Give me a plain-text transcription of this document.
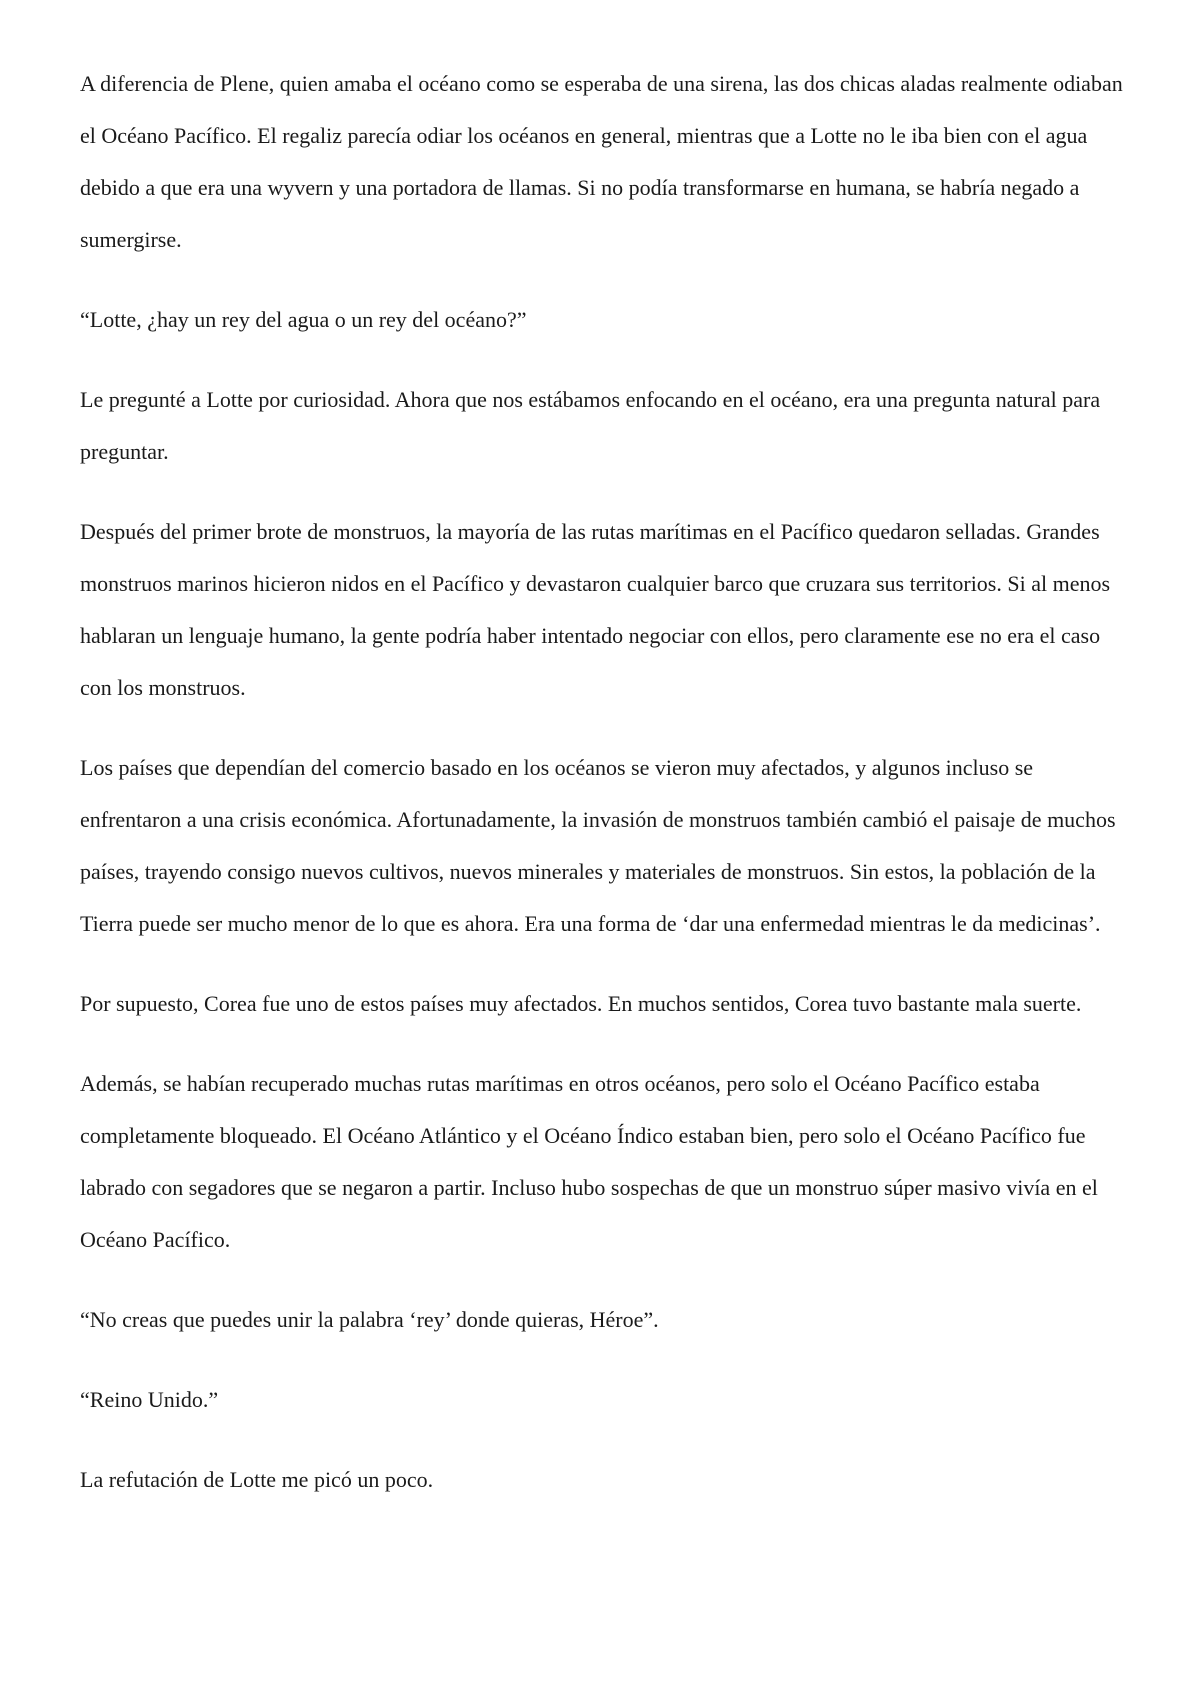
A diferencia de Plene, quien amaba el océano como se esperaba de una sirena, las dos chicas aladas realmente odiaban el Océano Pacífico. El regaliz parecía odiar los océanos en general, mientras que a Lotte no le iba bien con el agua debido a que era una wyvern y una portadora de llamas. Si no podía transformarse en humana, se habría negado a sumergirse.

“Lotte, ¿hay un rey del agua o un rey del océano?”

Le pregunté a Lotte por curiosidad. Ahora que nos estábamos enfocando en el océano, era una pregunta natural para preguntar.

Después del primer brote de monstruos, la mayoría de las rutas marítimas en el Pacífico quedaron selladas. Grandes monstruos marinos hicieron nidos en el Pacífico y devastaron cualquier barco que cruzara sus territorios. Si al menos hablaran un lenguaje humano, la gente podría haber intentado negociar con ellos, pero claramente ese no era el caso con los monstruos.

Los países que dependían del comercio basado en los océanos se vieron muy afectados, y algunos incluso se enfrentaron a una crisis económica. Afortunadamente, la invasión de monstruos también cambió el paisaje de muchos países, trayendo consigo nuevos cultivos, nuevos minerales y materiales de monstruos. Sin estos, la población de la Tierra puede ser mucho menor de lo que es ahora. Era una forma de ‘dar una enfermedad mientras le da medicinas’.

Por supuesto, Corea fue uno de estos países muy afectados. En muchos sentidos, Corea tuvo bastante mala suerte.

Además, se habían recuperado muchas rutas marítimas en otros océanos, pero solo el Océano Pacífico estaba completamente bloqueado. El Océano Atlántico y el Océano Índico estaban bien, pero solo el Océano Pacífico fue labrado con segadores que se negaron a partir. Incluso hubo sospechas de que un monstruo súper masivo vivía en el Océano Pacífico.

“No creas que puedes unir la palabra ‘rey’ donde quieras, Héroe”.

“Reino Unido.”

La refutación de Lotte me picó un poco.
